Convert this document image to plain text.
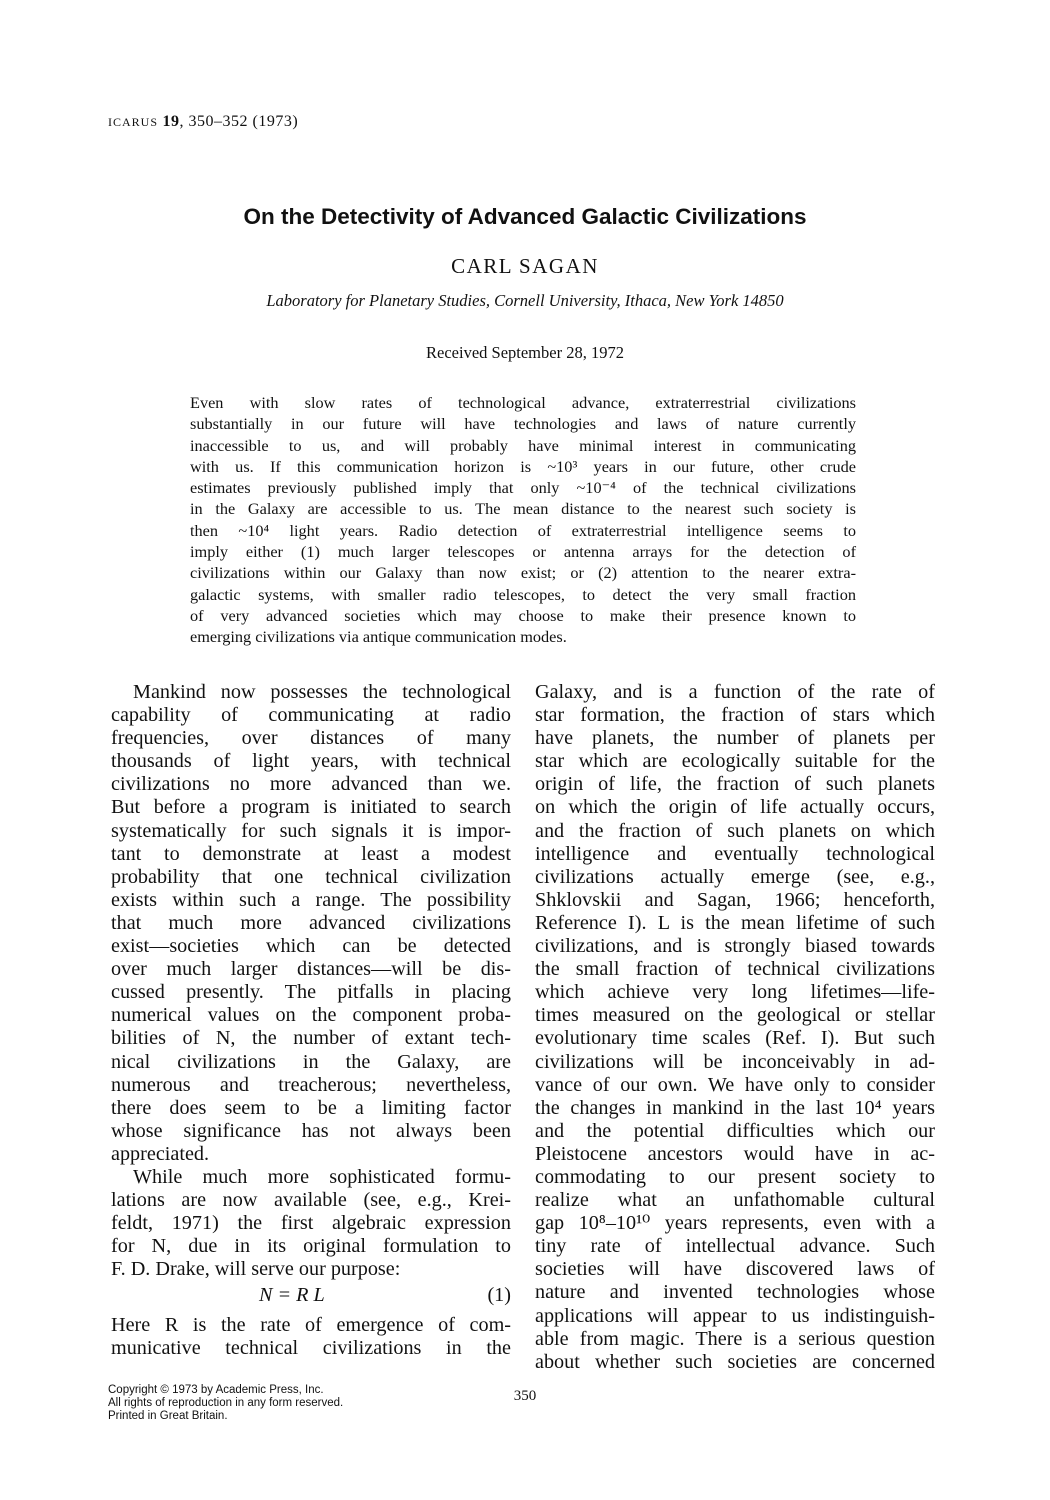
ICARUS 19, 350–352 (1973)
On the Detectivity of Advanced Galactic Civilizations
CARL SAGAN
Laboratory for Planetary Studies, Cornell University, Ithaca, New York 14850
Received September 28, 1972
Even with slow rates of technological advance, extraterrestrial civilizations
substantially in our future will have technologies and laws of nature currently
inaccessible to us, and will probably have minimal interest in communicating
with us. If this communication horizon is ~10³ years in our future, other crude
estimates previously published imply that only ~10⁻⁴ of the technical civilizations
in the Galaxy are accessible to us. The mean distance to the nearest such society is
then ~10⁴ light years. Radio detection of extraterrestrial intelligence seems to
imply either (1) much larger telescopes or antenna arrays for the detection of
civilizations within our Galaxy than now exist; or (2) attention to the nearer extra-
galactic systems, with smaller radio telescopes, to detect the very small fraction
of very advanced societies which may choose to make their presence known to
emerging civilizations via antique communication modes.
Mankind now possesses the technological
capability of communicating at radio
frequencies, over distances of many
thousands of light years, with technical
civilizations no more advanced than we.
But before a program is initiated to search
systematically for such signals it is impor-
tant to demonstrate at least a modest
probability that one technical civilization
exists within such a range. The possibility
that much more advanced civilizations
exist—societies which can be detected
over much larger distances—will be dis-
cussed presently. The pitfalls in placing
numerical values on the component proba-
bilities of N, the number of extant tech-
nical civilizations in the Galaxy, are
numerous and treacherous; nevertheless,
there does seem to be a limiting factor
whose significance has not always been
appreciated.
While much more sophisticated formu-
lations are now available (see, e.g., Krei-
feldt, 1971) the first algebraic expression
for N, due in its original formulation to
F. D. Drake, will serve our purpose:
N = R L	(1)
Here R is the rate of emergence of com-
municative technical civilizations in the
Galaxy, and is a function of the rate of
star formation, the fraction of stars which
have planets, the number of planets per
star which are ecologically suitable for the
origin of life, the fraction of such planets
on which the origin of life actually occurs,
and the fraction of such planets on which
intelligence and eventually technological
civilizations actually emerge (see, e.g.,
Shklovskii and Sagan, 1966; henceforth,
Reference I). L is the mean lifetime of such
civilizations, and is strongly biased towards
the small fraction of technical civilizations
which achieve very long lifetimes—life-
times measured on the geological or stellar
evolutionary time scales (Ref. I). But such
civilizations will be inconceivably in ad-
vance of our own. We have only to consider
the changes in mankind in the last 10⁴ years
and the potential difficulties which our
Pleistocene ancestors would have in ac-
commodating to our present society to
realize what an unfathomable cultural
gap 10⁸–10¹⁰ years represents, even with a
tiny rate of intellectual advance. Such
societies will have discovered laws of
nature and invented technologies whose
applications will appear to us indistinguish-
able from magic. There is a serious question
about whether such societies are concerned
Copyright © 1973 by Academic Press, Inc.
All rights of reproduction in any form reserved.
Printed in Great Britain.
350
